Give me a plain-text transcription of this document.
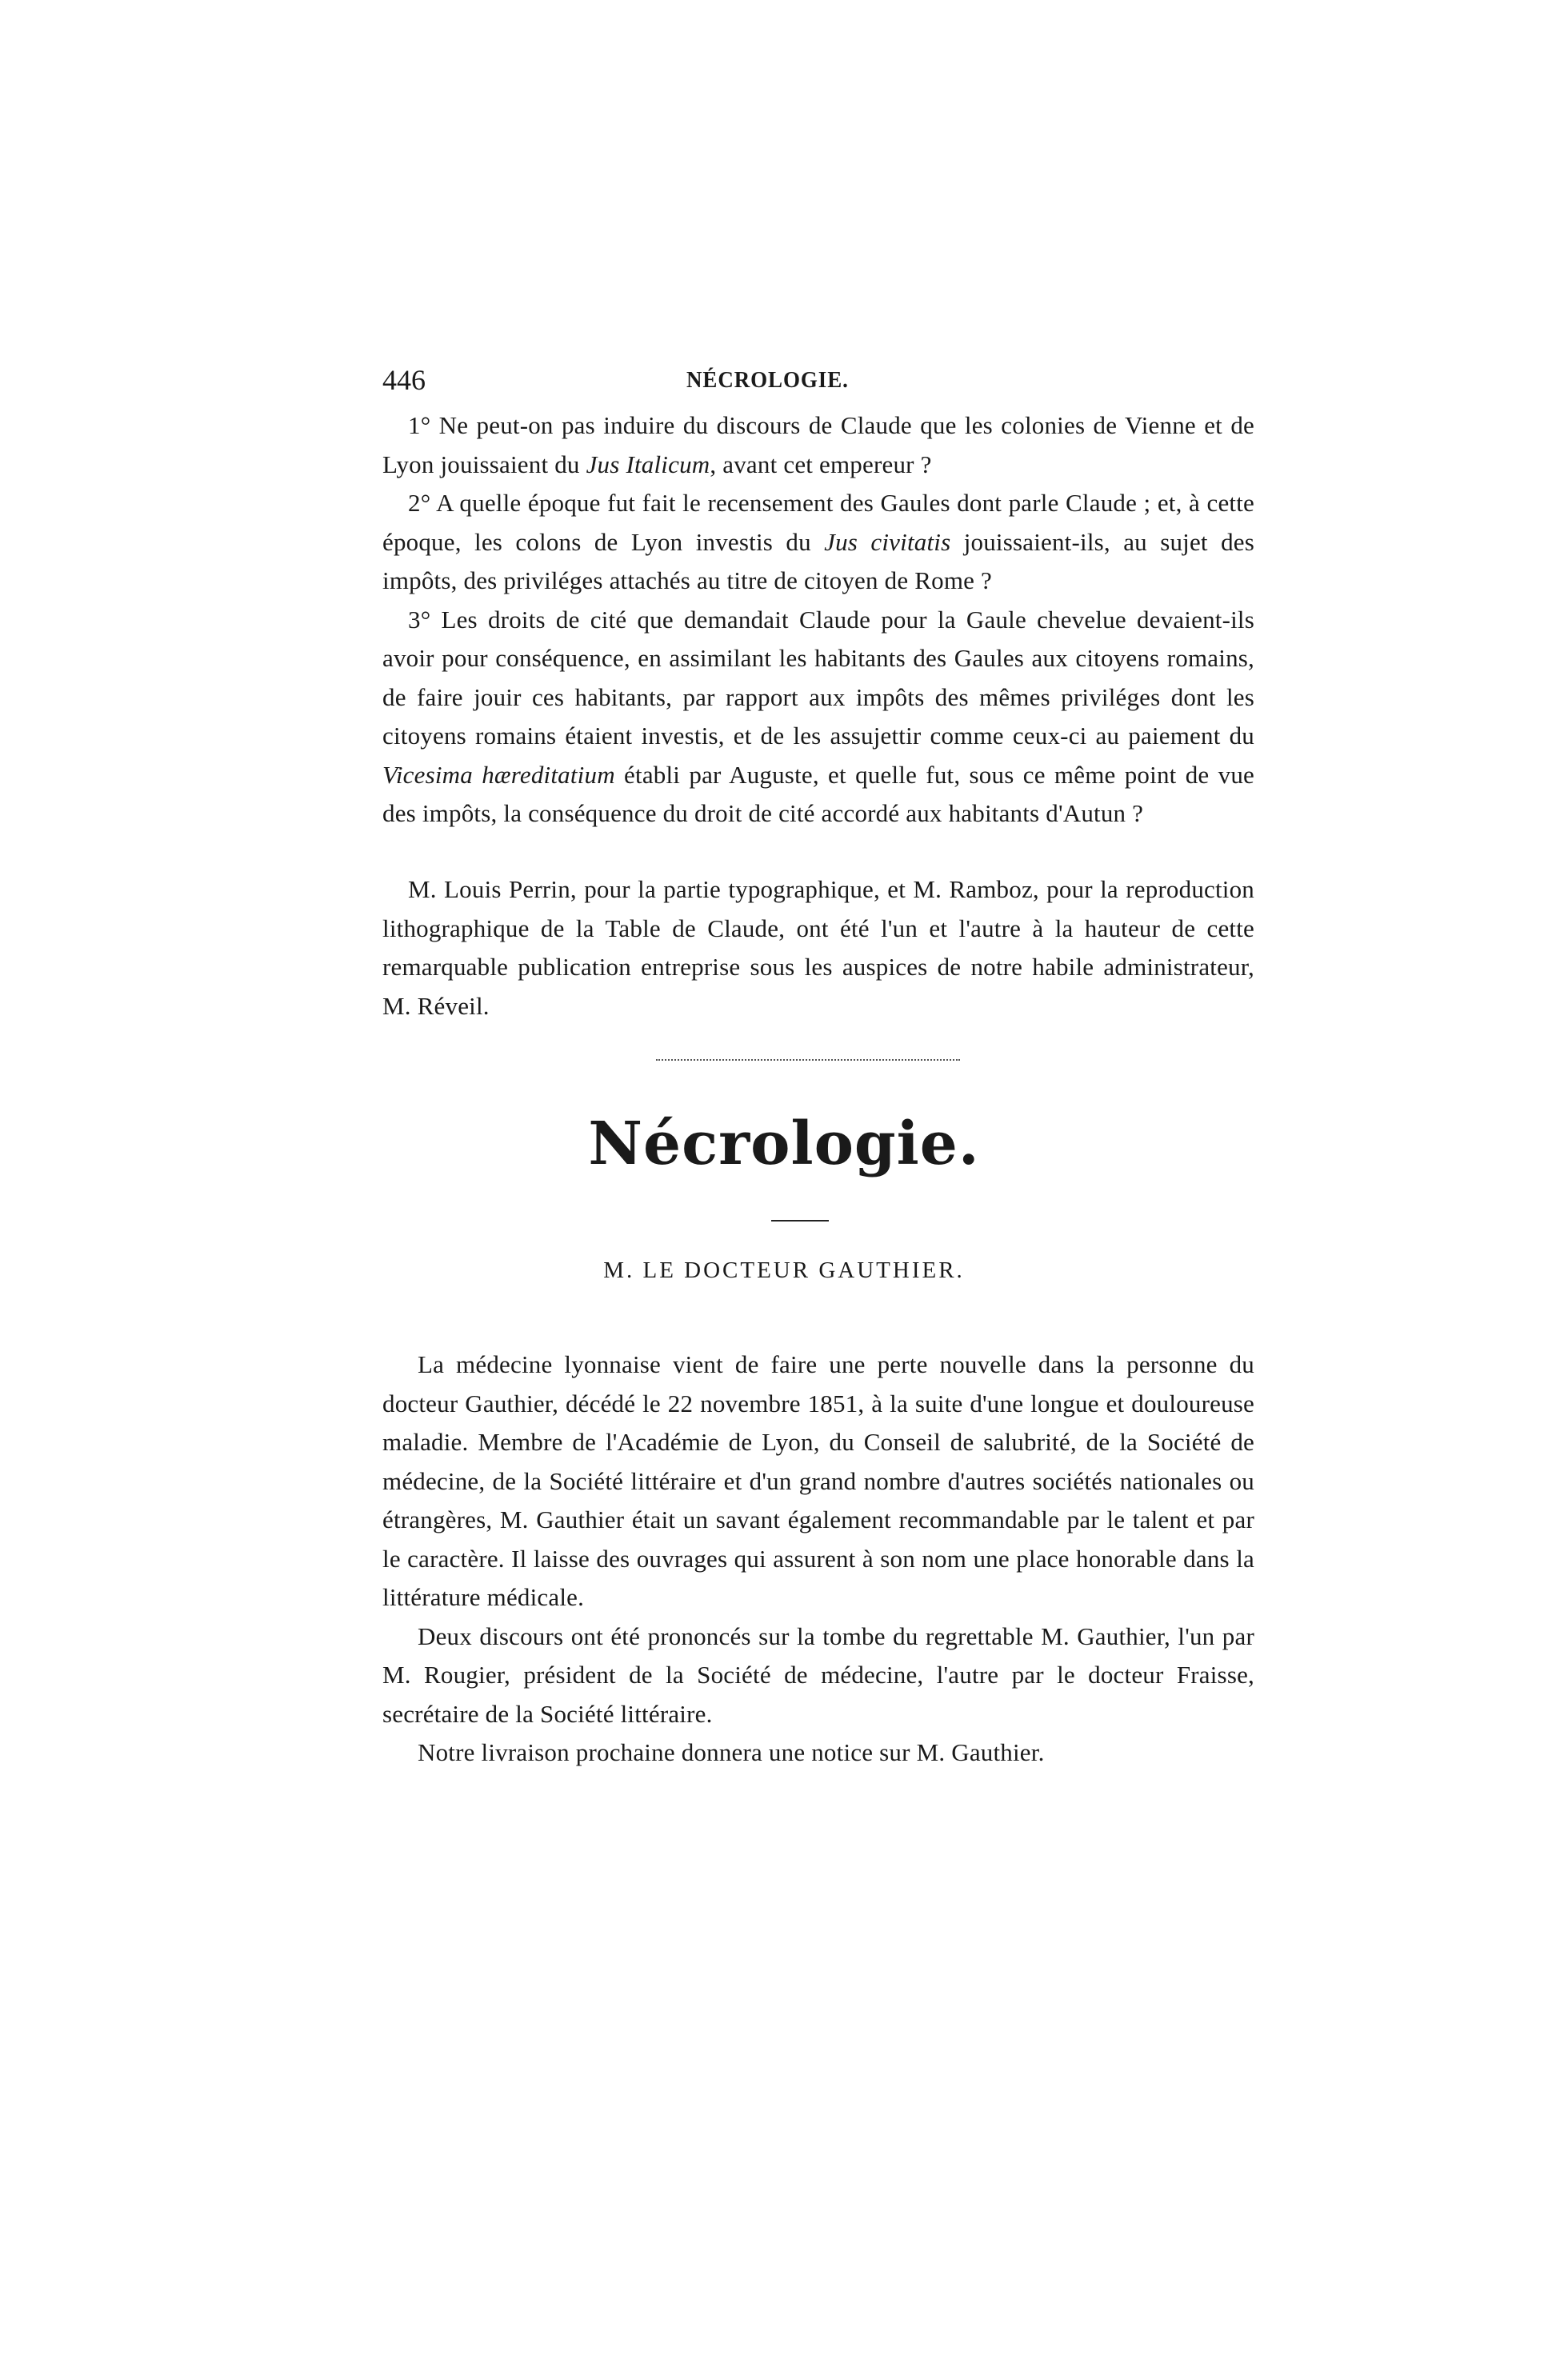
446	NÉCROLOGIE.

1° Ne peut-on pas induire du discours de Claude que les colonies de Vienne et de Lyon jouissaient du Jus Italicum, avant cet empereur ?

2° A quelle époque fut fait le recensement des Gaules dont parle Claude ; et, à cette époque, les colons de Lyon investis du Jus civitatis jouissaient-ils, au sujet des impôts, des priviléges attachés au titre de citoyen de Rome ?

3° Les droits de cité que demandait Claude pour la Gaule chevelue devaient-ils avoir pour conséquence, en assimilant les habitants des Gaules aux citoyens romains, de faire jouir ces habitants, par rapport aux impôts des mêmes priviléges dont les citoyens romains étaient investis, et de les assujettir comme ceux-ci au paiement du Vicesima hæreditatium établi par Auguste, et quelle fut, sous ce même point de vue des impôts, la conséquence du droit de cité accordé aux habitants d'Autun ?

M. Louis Perrin, pour la partie typographique, et M. Ramboz, pour la reproduction lithographique de la Table de Claude, ont été l'un et l'autre à la hauteur de cette remarquable publication entreprise sous les auspices de notre habile administrateur, M. Réveil.

Nécrologie.
M. LE DOCTEUR GAUTHIER.

La médecine lyonnaise vient de faire une perte nouvelle dans la personne du docteur Gauthier, décédé le 22 novembre 1851, à la suite d'une longue et douloureuse maladie. Membre de l'Académie de Lyon, du Conseil de salubrité, de la Société de médecine, de la Société littéraire et d'un grand nombre d'autres sociétés nationales ou étrangères, M. Gauthier était un savant également recommandable par le talent et par le caractère. Il laisse des ouvrages qui assurent à son nom une place honorable dans la littérature médicale.

Deux discours ont été prononcés sur la tombe du regrettable M. Gauthier, l'un par M. Rougier, président de la Société de médecine, l'autre par le docteur Fraisse, secrétaire de la Société littéraire.

Notre livraison prochaine donnera une notice sur M. Gauthier.
